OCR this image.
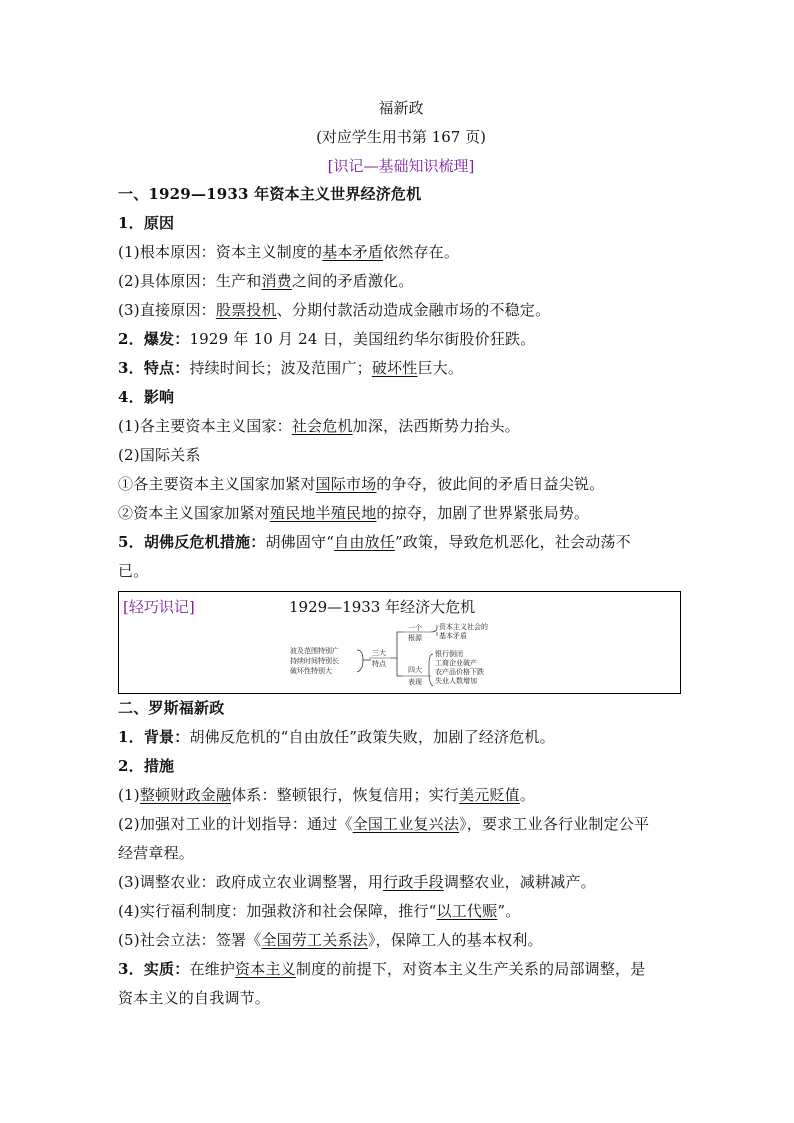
福新政
(对应学生用书第 167 页)
[识记—基础知识梳理]
一、1929—1933 年资本主义世界经济危机
1．原因
(1)根本原因：资本主义制度的基本矛盾依然存在。
(2)具体原因：生产和消费之间的矛盾激化。
(3)直接原因：股票投机、分期付款活动造成金融市场的不稳定。
2．爆发：1929 年 10 月 24 日，美国纽约华尔街股价狂跌。
3．特点：持续时间长；波及范围广；破坏性巨大。
4．影响
(1)各主要资本主义国家：社会危机加深，法西斯势力抬头。
(2)国际关系
①各主要资本主义国家加紧对国际市场的争夺，彼此间的矛盾日益尖锐。
②资本主义国家加紧对殖民地半殖民地的掠夺，加剧了世界紧张局势。
5．胡佛反危机措施：胡佛固守“自由放任”政策，导致危机恶化，社会动荡不
已。
[轻巧识记]	1929—1933 年经济大危机
波及范围特别广
持续时间特别长
破坏性特别大
三大
特点
一个
根源
资本主义社会的
基本矛盾
四大
表现
银行倒闭
工商企业破产
农产品价格下跌
失业人数增加
二、罗斯福新政
1．背景：胡佛反危机的“自由放任”政策失败，加剧了经济危机。
2．措施
(1)整顿财政金融体系：整顿银行，恢复信用；实行美元贬值。
(2)加强对工业的计划指导：通过《全国工业复兴法》，要求工业各行业制定公平
经营章程。
(3)调整农业：政府成立农业调整署，用行政手段调整农业，减耕减产。
(4)实行福利制度：加强救济和社会保障，推行“以工代赈”。
(5)社会立法：签署《全国劳工关系法》，保障工人的基本权利。
3．实质：在维护资本主义制度的前提下，对资本主义生产关系的局部调整，是
资本主义的自我调节。
